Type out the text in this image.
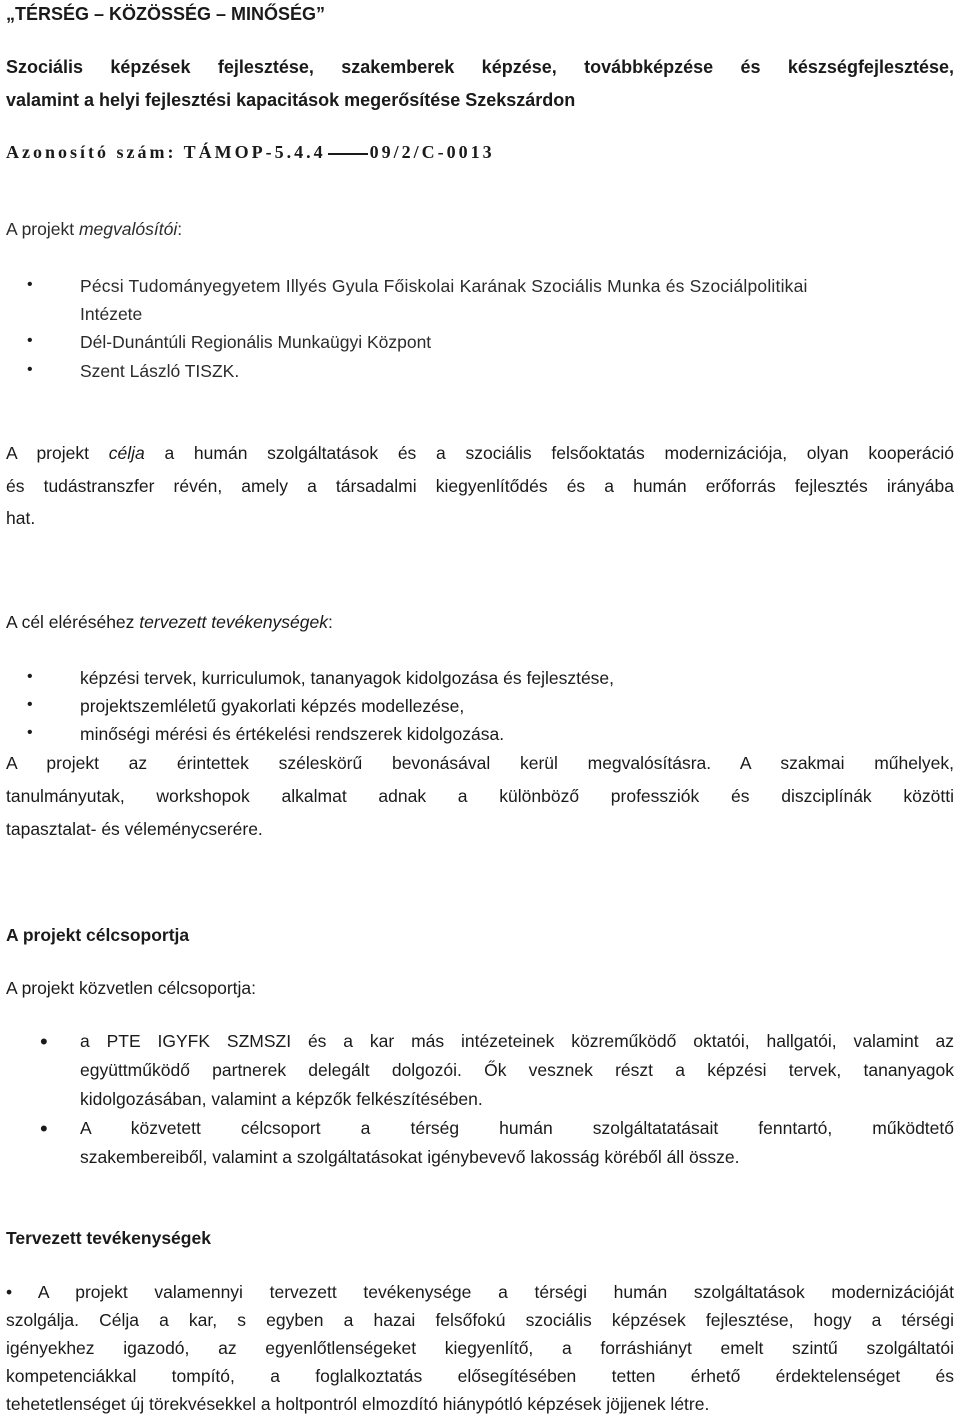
„TÉRSÉG – KÖZÖSSÉG – MINŐSÉG”
Szociális képzések fejlesztése, szakemberek képzése, továbbképzése és készségfejlesztése,
valamint a helyi fejlesztési kapacitások megerősítése Szekszárdon
Azonosító szám: TÁMOP-5.4.4 09/2/C-0013
A projekt megvalósítói:
•	Pécsi Tudományegyetem Illyés Gyula Főiskolai Karának Szociális Munka és Szociálpolitikai
Intézete
•	Dél-Dunántúli Regionális Munkaügyi Központ
•	Szent László TISZK.
A projekt célja a humán szolgáltatások és a szociális felsőoktatás modernizációja, olyan kooperáció
és tudástranszfer révén, amely a társadalmi kiegyenlítődés és a humán erőforrás fejlesztés irányába
hat.
A cél eléréséhez tervezett tevékenységek:
•	képzési tervek, kurriculumok, tananyagok kidolgozása és fejlesztése,
•	projektszemléletű gyakorlati képzés modellezése,
•	minőségi mérési és értékelési rendszerek kidolgozása.
A projekt az érintettek széleskörű bevonásával kerül megvalósításra. A szakmai műhelyek,
tanulmányutak, workshopok alkalmat adnak a különböző professziók és diszciplínák közötti
tapasztalat- és véleménycserére.
A projekt célcsoportja
A projekt közvetlen célcsoportja:
• a PTE IGYFK SZMSZI és a kar más intézeteinek közreműködő oktatói, hallgatói, valamint az
együttműködő partnerek delegált dolgozói. Ők vesznek részt a képzési tervek, tananyagok
kidolgozásában, valamint a képzők felkészítésében.
• A közvetett célcsoport a térség humán szolgáltatatásait fenntartó, működtető
szakembereiből, valamint a szolgáltatásokat igénybevevő lakosság köréből áll össze.
Tervezett tevékenységek
• A projekt valamennyi tervezett tevékenysége a térségi humán szolgáltatások modernizációját
szolgálja. Célja a kar, s egyben a hazai felsőfokú szociális képzések fejlesztése, hogy a térségi
igényekhez igazodó, az egyenlőtlenségeket kiegyenlítő, a forráshiányt emelt szintű szolgáltatói
kompetenciákkal tompító, a foglalkoztatás elősegítésében tetten érhető érdektelenséget és
tehetetlenséget új törekvésekkel a holtpontról elmozdító hiánypótló képzések jöjjenek létre.
